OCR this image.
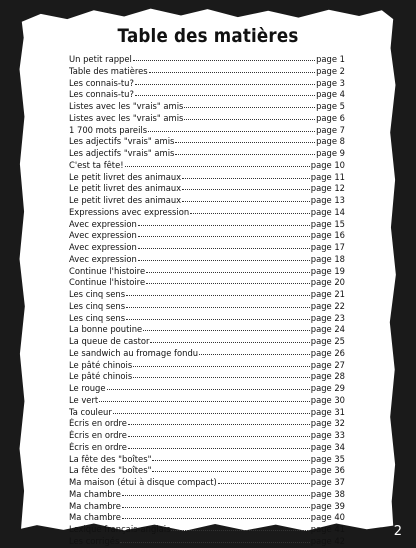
Table des matières
Un petit rappel	page 1
Table des matières	page 2
Les connais-tu?	page 3
Les connais-tu?	page 4
Listes avec les "vrais" amis	page 5
Listes avec les "vrais" amis	page 6
1 700 mots pareils	page 7
Les adjectifs "vrais" amis	page 8
Les adjectifs "vrais" amis	page 9
C'est ta fête!	page 10
Le petit livret des animaux	page 11
Le petit livret des animaux	page 12
Le petit livret des animaux	page 13
Expressions avec expression	page 14
Avec expression	page 15
Avec expression	page 16
Avec expression	page 17
Avec expression	page 18
Continue l'histoire	page 19
Continue l'histoire	page 20
Les cinq sens	page 21
Les cinq sens	page 22
Les cinq sens	page 23
La bonne poutine	page 24
La queue de castor	page 25
Le sandwich au fromage fondu	page 26
Le pâté chinois	page 27
Le pâté chinois	page 28
Le rouge	page 29
Le vert	page 30
Ta couleur	page 31
Écris en ordre	page 32
Écris en ordre	page 33
Écris en ordre	page 34
La fête des "boîtes"	page 35
La fête des "boîtes"	page 36
Ma maison (étui à disque compact)	page 37
Ma chambre	page 38
Ma chambre	page 39
Ma chambre	page 40
Lexique français-anglais	page 41
Les corrigés	page 42
2
